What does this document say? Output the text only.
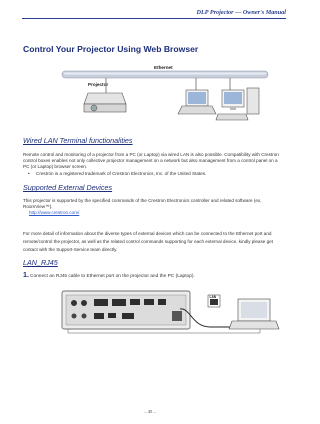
DLP Projector — Owner's Manual
Control Your Projector Using Web Browser
Ethernet
Projector
Wired LAN Terminal functionalities
Remote control and monitoring of a projector from a PC (or Laptop) via wired LAN is also possible. Compatibility with Crestron control boxes enables not only collective projector management on a network but also management from a control panel on a PC (or Laptop) browser screen.
• Crestron is a registered trademark of Crestron Electronics, Inc. of the United States.
Supported External Devices
This projector is supported by the specified commands of the Crestron Electronics controller and related software (ex, RoomView™).
http://www.crestron.com/
For more detail of information about the diverse types of external devices which can be connected to the Ethernet port and remote/control the projector, as well as the related control commands supporting for each external device, kindly please get contact with the Support-Service team directly.
LAN_RJ45
1.Connect an RJ45 cable to Ethernet port on the projector and the PC (Laptop).
LAN
– 45 –
